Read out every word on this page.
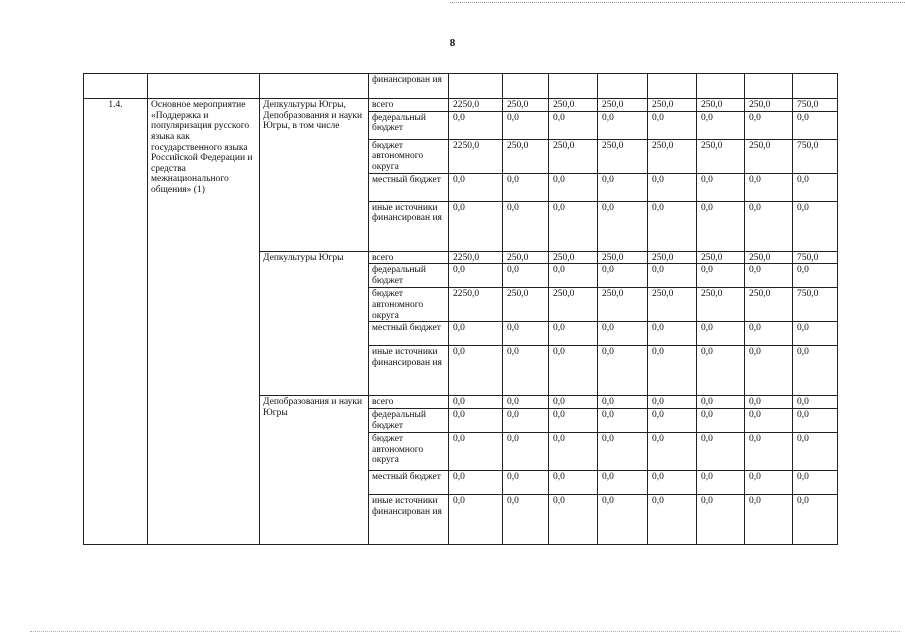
8
			финансирован ия								
1.4.	Основное мероприятие «Поддержка и популяризация русского языка как государственного языка Российской Федерации и средства межнационального общения» (1)	Депкультуры Югры, Депобразования и науки Югры, в том числе	всего	2250,0	250,0	250,0	250,0	250,0	250,0	250,0	750,0
			федеральный бюджет	0,0	0,0	0,0	0,0	0,0	0,0	0,0	0,0
			бюджет автономного округа	2250,0	250,0	250,0	250,0	250,0	250,0	250,0	750,0
			местный бюджет	0,0	0,0	0,0	0,0	0,0	0,0	0,0	0,0
			иные источники финансирован ия	0,0	0,0	0,0	0,0	0,0	0,0	0,0	0,0
		Депкультуры Югры	всего	2250,0	250,0	250,0	250,0	250,0	250,0	250,0	750,0
			федеральный бюджет	0,0	0,0	0,0	0,0	0,0	0,0	0,0	0,0
			бюджет автономного округа	2250,0	250,0	250,0	250,0	250,0	250,0	250,0	750,0
			местный бюджет	0,0	0,0	0,0	0,0	0,0	0,0	0,0	0,0
			иные источники финансирован ия	0,0	0,0	0,0	0,0	0,0	0,0	0,0	0,0
		Депобразования и науки Югры	всего	0,0	0,0	0,0	0,0	0,0	0,0	0,0	0,0
			федеральный бюджет	0,0	0,0	0,0	0,0	0,0	0,0	0,0	0,0
			бюджет автономного округа	0,0	0,0	0,0	0,0	0,0	0,0	0,0	0,0
			местный бюджет	0,0	0,0	0,0	0,0	0,0	0,0	0,0	0,0
			иные источники финансирован ия	0,0	0,0	0,0	0,0	0,0	0,0	0,0	0,0
